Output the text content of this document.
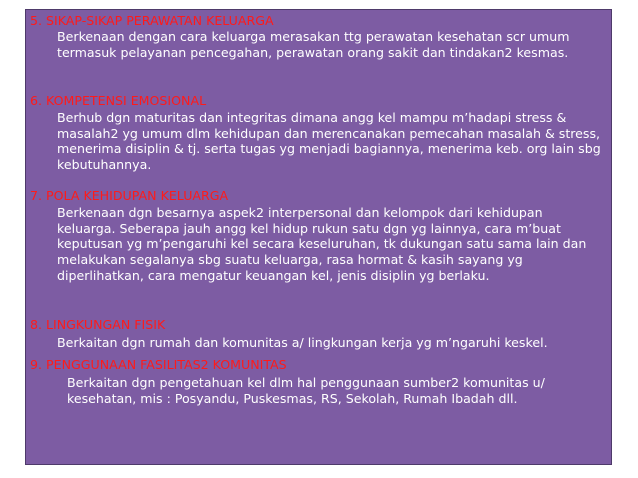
5. SIKAP-SIKAP PERAWATAN KELUARGA
Berkenaan dengan cara keluarga merasakan ttg perawatan kesehatan scr umum termasuk pelayanan pencegahan, perawatan orang sakit dan tindakan2 kesmas.
6. KOMPETENSI EMOSIONAL
Berhub dgn maturitas dan integritas dimana angg kel mampu m’hadapi stress & masalah2 yg umum dlm kehidupan dan merencanakan pemecahan masalah & stress, menerima disiplin & tj. serta tugas yg menjadi bagiannya, menerima keb. org lain sbg kebutuhannya.
7. POLA KEHIDUPAN KELUARGA
Berkenaan dgn besarnya aspek2 interpersonal dan kelompok dari kehidupan keluarga. Seberapa jauh angg kel hidup rukun satu dgn yg lainnya, cara m’buat keputusan yg m’pengaruhi kel secara keseluruhan, tk dukungan satu sama lain dan melakukan segalanya sbg suatu keluarga, rasa hormat & kasih sayang yg diperlihatkan, cara mengatur keuangan kel, jenis disiplin yg berlaku.
8. LINGKUNGAN FISIK
Berkaitan dgn rumah dan komunitas a/ lingkungan kerja yg m’ngaruhi keskel.
9. PENGGUNAAN FASILITAS2 KOMUNITAS
Berkaitan dgn pengetahuan kel dlm hal penggunaan sumber2 komunitas u/ kesehatan, mis : Posyandu, Puskesmas, RS, Sekolah, Rumah Ibadah dll.
